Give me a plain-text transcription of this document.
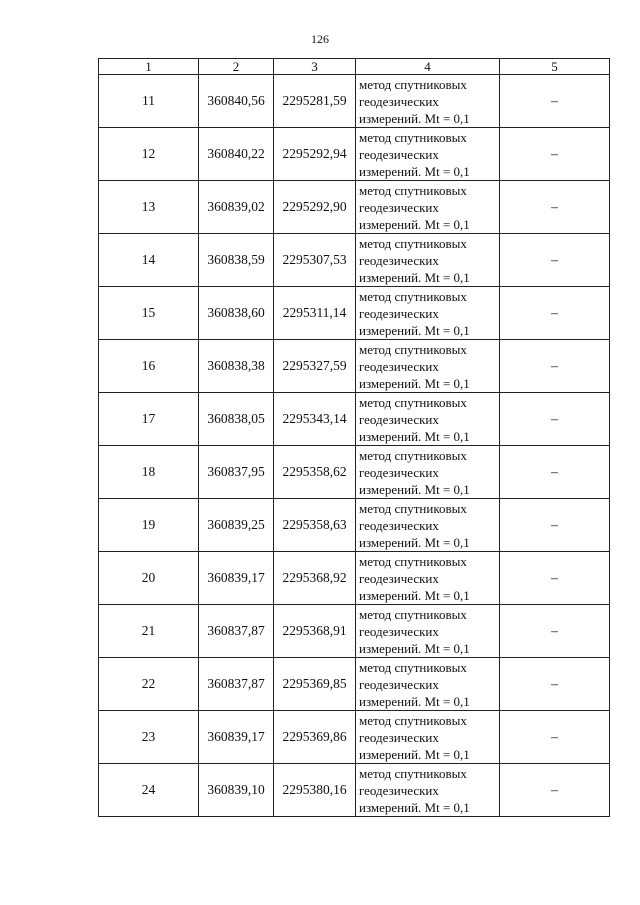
126
1	2	3	4	5
11	360840,56	2295281,59	метод спутниковых
геодезических
измерений. Mt = 0,1	–
12	360840,22	2295292,94	метод спутниковых
геодезических
измерений. Mt = 0,1	–
13	360839,02	2295292,90	метод спутниковых
геодезических
измерений. Mt = 0,1	–
14	360838,59	2295307,53	метод спутниковых
геодезических
измерений. Mt = 0,1	–
15	360838,60	2295311,14	метод спутниковых
геодезических
измерений. Mt = 0,1	–
16	360838,38	2295327,59	метод спутниковых
геодезических
измерений. Mt = 0,1	–
17	360838,05	2295343,14	метод спутниковых
геодезических
измерений. Mt = 0,1	–
18	360837,95	2295358,62	метод спутниковых
геодезических
измерений. Mt = 0,1	–
19	360839,25	2295358,63	метод спутниковых
геодезических
измерений. Mt = 0,1	–
20	360839,17	2295368,92	метод спутниковых
геодезических
измерений. Mt = 0,1	–
21	360837,87	2295368,91	метод спутниковых
геодезических
измерений. Mt = 0,1	–
22	360837,87	2295369,85	метод спутниковых
геодезических
измерений. Mt = 0,1	–
23	360839,17	2295369,86	метод спутниковых
геодезических
измерений. Mt = 0,1	–
24	360839,10	2295380,16	метод спутниковых
геодезических
измерений. Mt = 0,1	–
